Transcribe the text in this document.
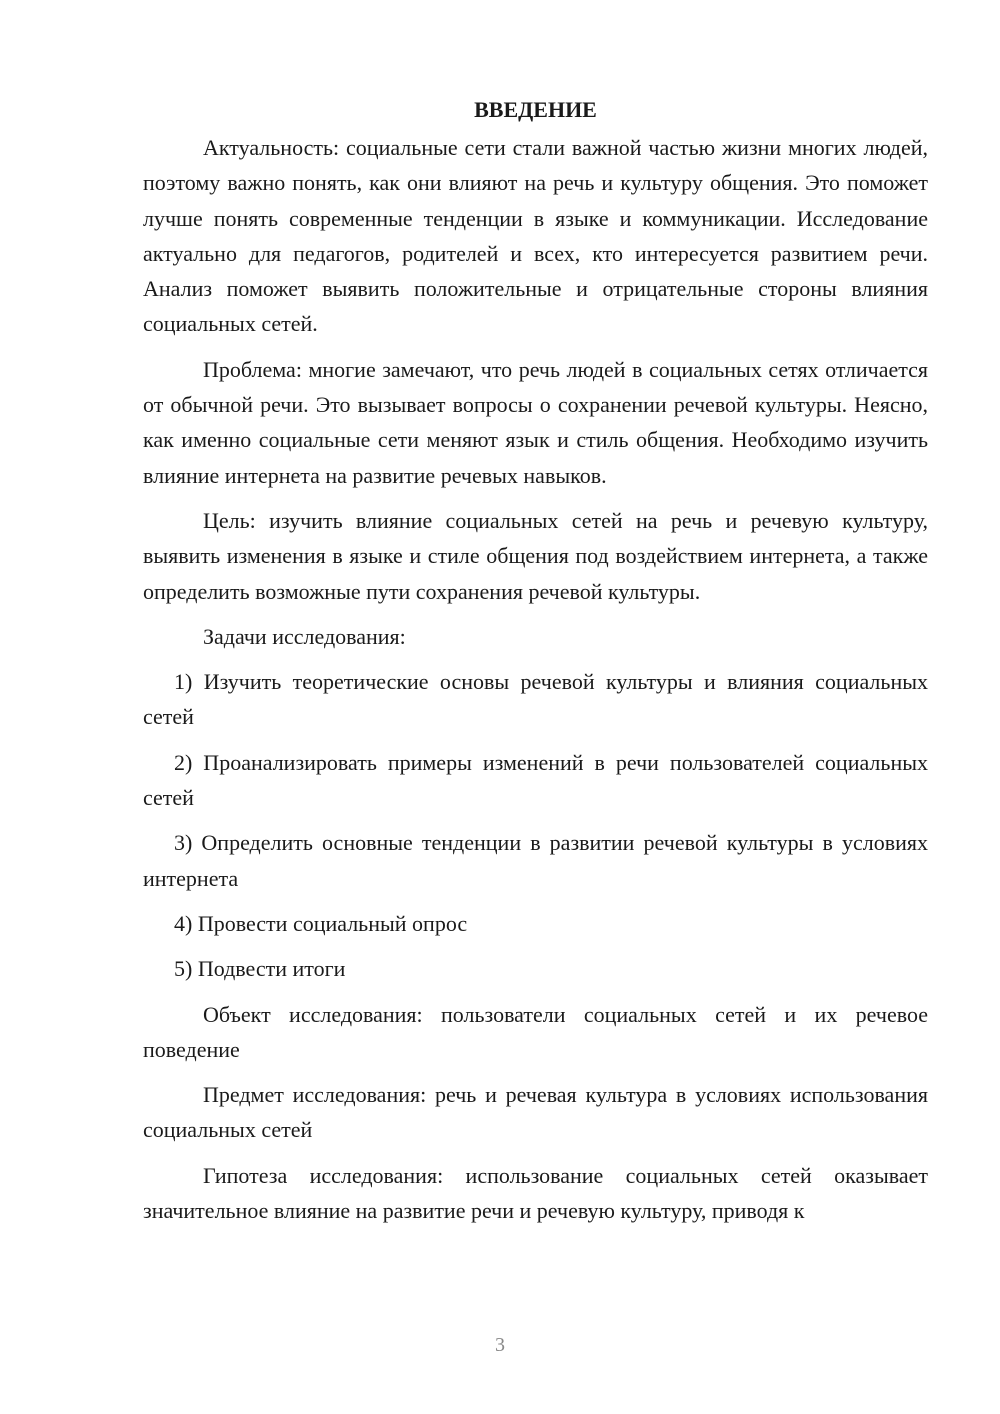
ВВЕДЕНИЕ

Актуальность: социальные сети стали важной частью жизни многих людей, поэтому важно понять, как они влияют на речь и культуру общения. Это поможет лучше понять современные тенденции в языке и коммуникации. Исследование актуально для педагогов, родителей и всех, кто интересуется развитием речи. Анализ поможет выявить положительные и отрицательные стороны влияния социальных сетей.

Проблема: многие замечают, что речь людей в социальных сетях отличается от обычной речи. Это вызывает вопросы о сохранении речевой культуры. Неясно, как именно социальные сети меняют язык и стиль общения. Необходимо изучить влияние интернета на развитие речевых навыков.

Цель: изучить влияние социальных сетей на речь и речевую культуру, выявить изменения в языке и стиле общения под воздействием интернета, а также определить возможные пути сохранения речевой культуры.

Задачи исследования:

1) Изучить теоретические основы речевой культуры и влияния социальных сетей

2) Проанализировать примеры изменений в речи пользователей социальных сетей

3) Определить основные тенденции в развитии речевой культуры в условиях интернета

4) Провести социальный опрос

5) Подвести итоги

Объект исследования: пользователи социальных сетей и их речевое поведение

Предмет исследования: речь и речевая культура в условиях использования социальных сетей

Гипотеза исследования: использование социальных сетей оказывает значительное влияние на развитие речи и речевую культуру, приводя к

3
